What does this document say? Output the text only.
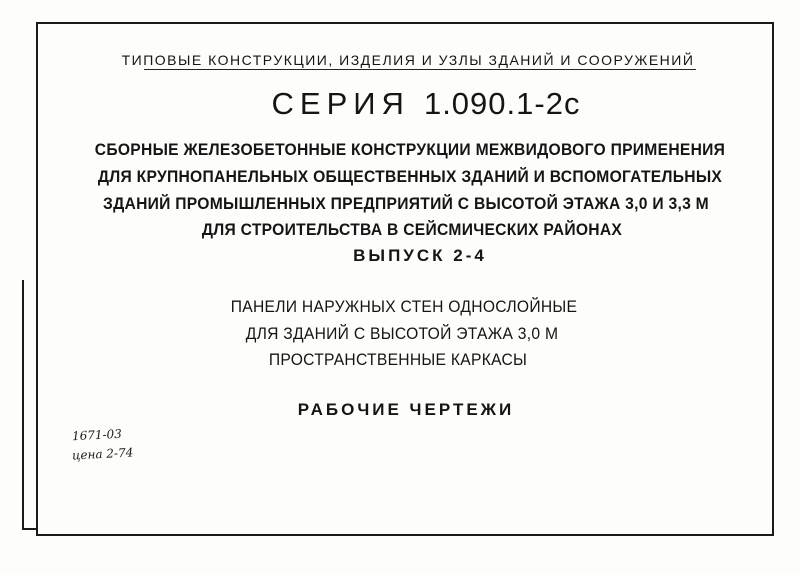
ТИПОВЫЕ КОНСТРУКЦИИ, ИЗДЕЛИЯ И УЗЛЫ ЗДАНИЙ И СООРУЖЕНИЙ
СЕРИЯ 1.090.1-2с
СБОРНЫЕ ЖЕЛЕЗОБЕТОННЫЕ КОНСТРУКЦИИ МЕЖВИДОВОГО ПРИМЕНЕНИЯ
ДЛЯ КРУПНОПАНЕЛЬНЫХ ОБЩЕСТВЕННЫХ ЗДАНИЙ И ВСПОМОГАТЕЛЬНЫХ
ЗДАНИЙ ПРОМЫШЛЕННЫХ ПРЕДПРИЯТИЙ С ВЫСОТОЙ ЭТАЖА 3,0 И 3,3 М
ДЛЯ СТРОИТЕЛЬСТВА В СЕЙСМИЧЕСКИХ РАЙОНАХ
ВЫПУСК 2-4
ПАНЕЛИ НАРУЖНЫХ СТЕН ОДНОСЛОЙНЫЕ
ДЛЯ ЗДАНИЙ С ВЫСОТОЙ ЭТАЖА 3,0 М
ПРОСТРАНСТВЕННЫЕ КАРКАСЫ
РАБОЧИЕ ЧЕРТЕЖИ
1671-03
цена 2-74
